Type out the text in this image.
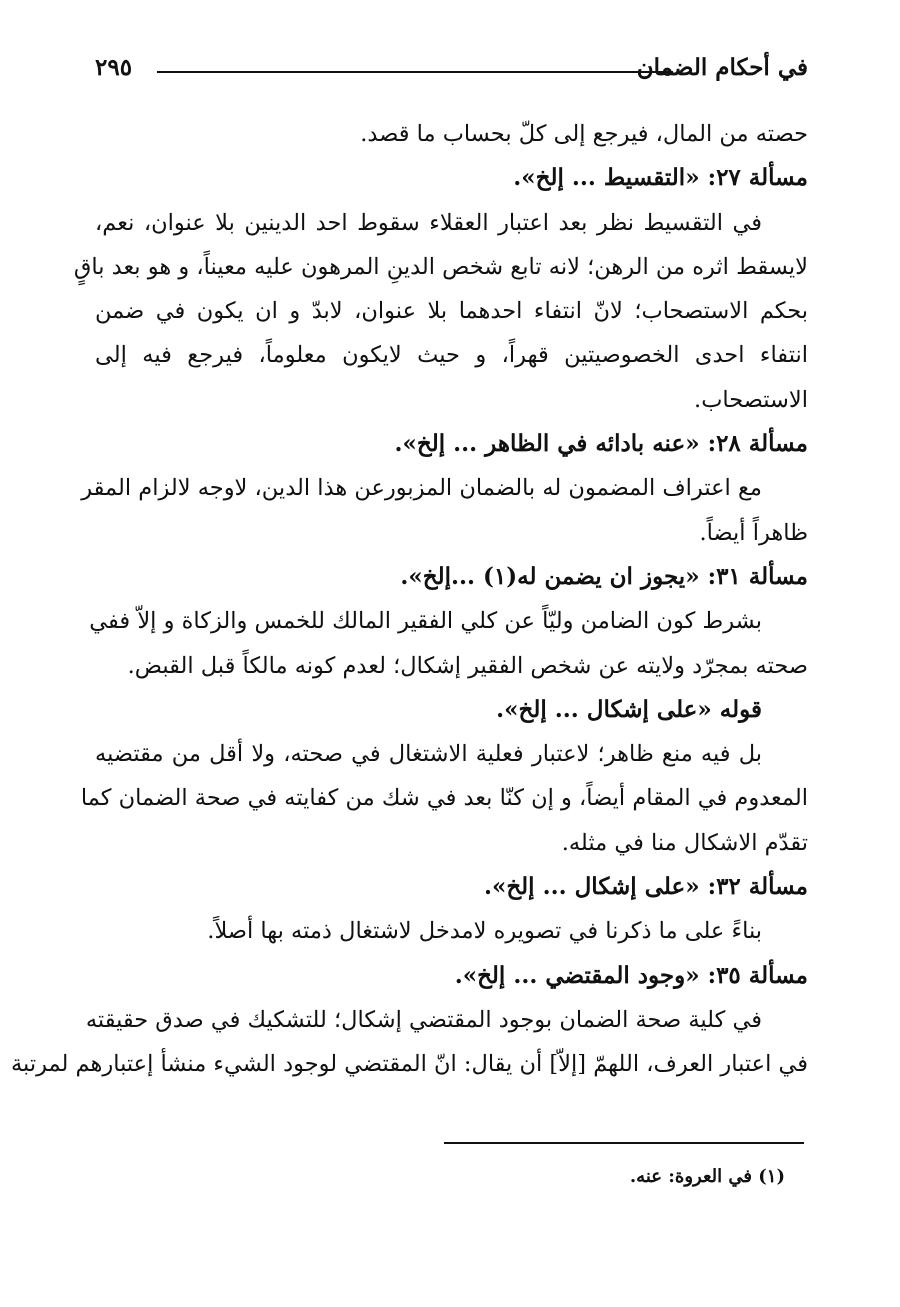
في أحكام الضمان
٢٩٥
حصته من المال، فيرجع إلى كلّ بحساب ما قصد.
مسألة ٢٧: «التقسيط ... إلخ».
في التقسيط نظر بعد اعتبار العقلاء سقوط احد الدينين بلا عنوان، نعم،
لايسقط اثره من الرهن؛ لانه تابع شخص الدينِ المرهون عليه معيناً، و هو بعد باقٍ
بحكم الاستصحاب؛ لانّ انتفاء احدهما بلا عنوان، لابدّ و ان يكون في ضمن
انتفاء احدى الخصوصيتين قهراً، و حيث لايكون معلوماً، فيرجع فيه إلى
الاستصحاب.
مسألة ٢٨: «عنه بادائه في الظاهر ... إلخ».
مع اعتراف المضمون له بالضمان المزبورعن هذا الدين، لاوجه لالزام المقر
ظاهراً أيضاً.
مسألة ٣١: «يجوز ان يضمن له(١) ...إلخ».
بشرط كون الضامن وليّاً عن كلي الفقير المالك للخمس والزكاة و إلاّ ففي
صحته بمجرّد ولايته عن شخص الفقير إشكال؛ لعدم كونه مالكاً قبل القبض.
قوله «على إشكال ... إلخ».
بل فيه منع ظاهر؛ لاعتبار فعلية الاشتغال في صحته، ولا أقل من مقتضيه
المعدوم في المقام أيضاً، و إن كنّا بعد في شك من كفايته في صحة الضمان كما
تقدّم الاشكال منا في مثله.
مسألة ٣٢: «على إشكال ... إلخ».
بناءً على ما ذكرنا في تصويره لامدخل لاشتغال ذمته بها أصلاً.
مسألة ٣٥: «وجود المقتضي ... إلخ».
في كلية صحة الضمان بوجود المقتضي إشكال؛ للتشكيك في صدق حقيقته
في اعتبار العرف، اللهمّ [إلاّ] أن يقال: انّ المقتضي لوجود الشيء منشأ إعتبارهم لمرتبة
(١) في العروة: عنه.
